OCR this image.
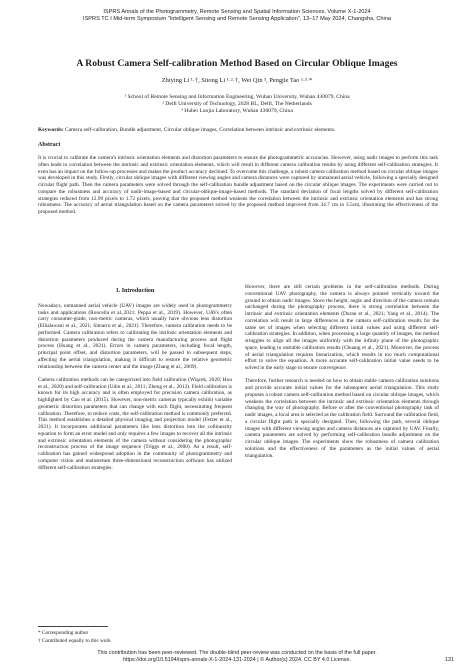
ISPRS Annals of the Photogrammetry, Remote Sensing and Spatial Information Sciences, Volume X-1-2024
ISPRS TC I Mid-term Symposium "Intelligent Sensing and Remote Sensing Application", 13–17 May 2024, Changsha, China
A Robust Camera Self-calibration Method Based on Circular Oblique Images
Zhiying Li ¹·†, Sitong Li ¹·²·†, Wei Qin ³, Pengjie Tao ¹·³·*
¹ School of Remote Sensing and Information Engineering, Wuhan University, Wuhan 430079, China
² Delft University of Technology, 2628 BL, Delft, The Netherlands
³ Hubei Luojia Laboratory, Wuhan 430079, China
Keywords: Camera self-calibration, Bundle adjustment, Circular oblique images, Correlation between intrinsic and extrinsic elements.
Abstract
It is crucial to calibrate the camera's intrinsic orientation elements and distortion parameters to ensure the photogrammetric accuracies. However, using nadir images to perform this task often leads to correlation between the intrinsic and extrinsic orientation elements, which will result in different camera calibration results by using different self-calibration strategies. It even has an impact on the follow-up processes and makes the product accuracy declined. To overcome this challenge, a robust camera calibration method based on circular oblique images was developed in this study. Firstly, circular oblique images with different viewing angles and camera distances were captured by unmanned aerial vehicle, following a specially designed circular flight path. Then the camera parameters were solved through the self-calibration bundle adjustment based on the circular oblique images. The experiments were carried out to compare the robustness and accuracy of nadir-image-based and circular-oblique-image-based methods. The standard deviation of focal lengths solved by different self-calibration strategies reduced from 12.99 pixels to 1.72 pixels, proving that the proposed method weakens the correlation between the intrinsic and extrinsic orientation elements and has strong robustness. The accuracy of aerial triangulation based on the camera parameters solved by the proposed method improved from 34.7 cm to 3.5cm, illustrating the effectiveness of the proposed method.
1. Introduction

Nowadays, unmanned aerial vehicle (UAV) images are widely used in photogrammetry tasks and applications (Roncella et al.,2021; Peppa et al., 2019). However, UAVs often carry consumer-grade, non-metric cameras, which usually have obvious lens distortion (Elhalawani et al., 2021; Simarro et al., 2021). Therefore, camera calibration needs to be performed. Camera calibration refers to calibrating the intrinsic orientation elements and distortion parameters produced during the camera manufacturing process and flight process (Huang et al., 2021). Errors in camera parameters, including focal length, principal point offset, and distortion parameters, will be passed to subsequent steps, affecting the aerial triangulation, making it difficult to restore the relative geometric relationship between the camera center and the image (Zhang et al., 2009).

Camera calibration methods can be categorized into field calibration (Wiącek, 2020; Hou et al., 2020) and self-calibration (Udin et al., 2011; Zheng et al., 2012). Field calibration is known for its high accuracy and is often employed for precision camera calibration, as highlighted by Cao et al. (2015). However, non-metric cameras typically exhibit variable geometric distortion parameters that can change with each flight, necessitating frequent calibration. Therefore, to reduce costs, the self-calibration method is commonly preferred. This method establishes a detailed physical imaging and projection model (Fetzer et al., 2021). It incorporates additional parameters like lens distortion into the collinearity equation to form an error model and only requires a few images to recover all the intrinsic and extrinsic orientation elements of the camera without considering the photographic reconstruction process of the image sequence (Triggs et al., 2000). As a result, self-calibration has gained widespread adoption in the community of photogrammetry and computer vision and mainstream three-dimensional reconstruction software has utilized different self-calibration strategies.

However, there are still certain problems in the self-calibration methods. During conventional UAV photography, the camera is always pointed vertically toward the ground to obtain nadir images. Since the height, angle and direction of the camera remain unchanged during the photography process, there is strong correlation between the intrinsic and extrinsic orientation elements (Duran et al., 2021; Yang et al., 2014). The correlation will result in large differences in the camera self-calibration results for the same set of images when selecting different initial values and using different self-calibration strategies. In addition, when processing a large quantity of images, the method struggles to align all the images uniformly with the infinity plane of the photographic space, leading to unstable calibration results (Chuang et al., 2021). Moreover, the process of aerial triangulation requires linearization, which results in too much computational effort to solve the equation. A more accurate self-calibration initial value needs to be solved in the early stage to ensure convergence.

Therefore, further research is needed on how to obtain stable camera calibration solutions and provide accurate initial values for the subsequent aerial triangulation. This study proposes a robust camera self-calibration method based on circular oblique images, which weakens the correlation between the intrinsic and extrinsic orientation elements through changing the way of photography. Before or after the conventional photography task of nadir images, a local area is selected as the calibration field. Surround the calibration field, a circular flight path is specially designed. Then, following the path, several oblique images with different viewing angles and camera distances are captured by UAV. Finally, camera parameters are solved by performing self-calibration bundle adjustment on the circular oblique images. The experiments show the robustness of camera calibration solutions and the effectiveness of the parameters as the initial values of aerial triangulation.

* Corresponding author
† Contributed equally to this work
This contribution has been peer-reviewed. The double-blind peer-review was conducted on the basis of the full paper.
https://doi.org/10.5194/isprs-annals-X-1-2024-131-2024 | © Author(s) 2024. CC BY 4.0 License.	131
